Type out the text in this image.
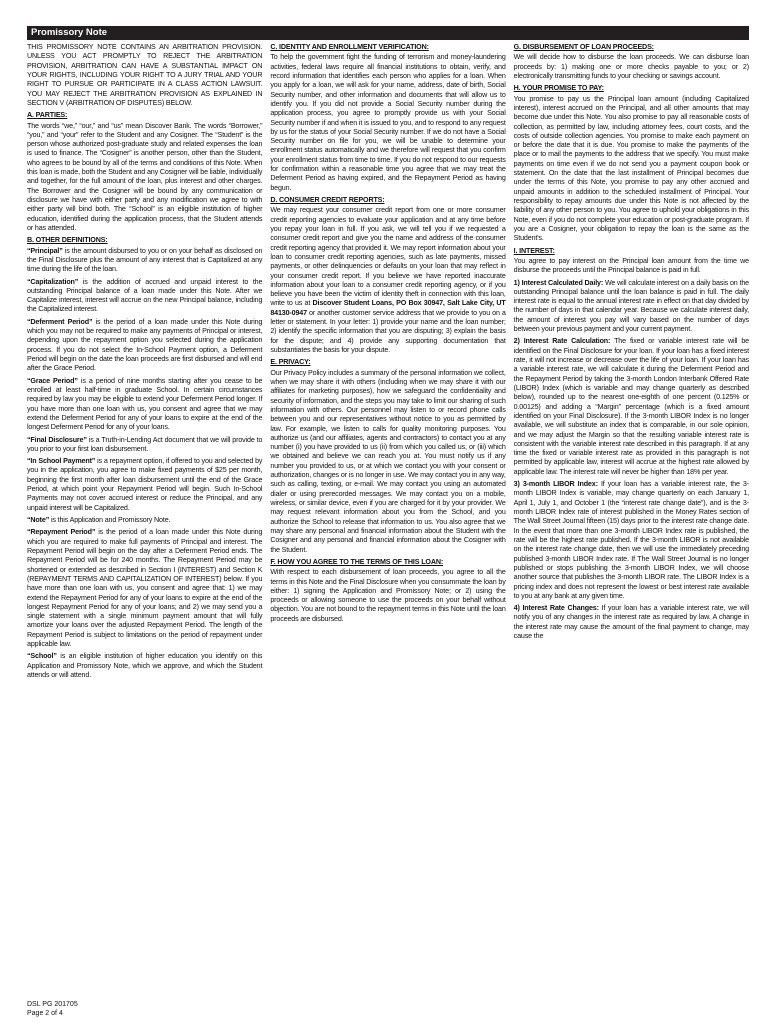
Promissory Note

THIS PROMISSORY NOTE CONTAINS AN ARBITRATION PROVISION. UNLESS YOU ACT PROMPTLY TO REJECT THE ARBITRATION PROVISION, ARBITRATION CAN HAVE A SUBSTANTIAL IMPACT ON YOUR RIGHTS, INCLUDING YOUR RIGHT TO A JURY TRIAL AND YOUR RIGHT TO PURSUE OR PARTICIPATE IN A CLASS ACTION LAWSUIT. YOU MAY REJECT THE ARBITRATION PROVISION AS EXPLAINED IN SECTION V (ARBITRATION OF DISPUTES) BELOW.

A. PARTIES:

The words “we,” “our,” and “us” mean Discover Bank. The words “Borrower,” “you,” and “your” refer to the Student and any Cosigner. The “Student” is the person whose authorized post-graduate study and related expenses the loan is used to finance. The “Cosigner” is another person, other than the Student, who agrees to be bound by all of the terms and conditions of this Note. When this loan is made, both the Student and any Cosigner will be liable, individually and together, for the full amount of the loan, plus interest and other charges. The Borrower and the Cosigner will be bound by any communication or disclosure we have with either party and any modification we agree to with either party will bind both. The “School” is an eligible institution of higher education, identified during the application process, that the Student attends or has attended.

B. OTHER DEFINITIONS:

“Principal” is the amount disbursed to you or on your behalf as disclosed on the Final Disclosure plus the amount of any interest that is Capitalized at any time during the life of the loan.

“Capitalization” is the addition of accrued and unpaid interest to the outstanding Principal balance of a loan made under this Note. After we Capitalize interest, interest will accrue on the new Principal balance, including the Capitalized interest.

“Deferment Period” is the period of a loan made under this Note during which you may not be required to make any payments of Principal or interest, depending upon the repayment option you selected during the application process. If you do not select the In-School Payment option, a Deferment Period will begin on the date the loan proceeds are first disbursed and will end after the Grace Period.

“Grace Period” is a period of nine months starting after you cease to be enrolled at least half-time in graduate School. In certain circumstances required by law you may be eligible to extend your Deferment Period longer. If you have more than one loan with us, you consent and agree that we may extend the Deferment Period for any of your loans to expire at the end of the longest Deferment Period for any of your loans.

“Final Disclosure” is a Truth-in-Lending Act document that we will provide to you prior to your first loan disbursement.

“In School Payment” is a repayment option, if offered to you and selected by you in the application, you agree to make fixed payments of $25 per month, beginning the first month after loan disbursement until the end of the Grace Period, at which point your Repayment Period will begin. Such In-School Payments may not cover accrued interest or reduce the Principal, and any unpaid interest will be Capitalized.

“Note” is this Application and Promissory Note.

“Repayment Period” is the period of a loan made under this Note during which you are required to make full payments of Principal and interest. The Repayment Period will begin on the day after a Deferment Period ends. The Repayment Period will be for 240 months. The Repayment Period may be shortened or extended as described in Section I (INTEREST) and Section K (REPAYMENT TERMS AND CAPITALIZATION OF INTEREST) below. If you have more than one loan with us, you consent and agree that: 1) we may extend the Repayment Period for any of your loans to expire at the end of the longest Repayment Period for any of your loans; and 2) we may send you a single statement with a single minimum payment amount that will fully amortize your loans over the adjusted Repayment Period. The length of the Repayment Period is subject to limitations on the period of repayment under applicable law.

“School” is an eligible institution of higher education you identify on this Application and Promissory Note, which we approve, and which the Student attends or will attend.

C. IDENTITY AND ENROLLMENT VERIFICATION:

To help the government fight the funding of terrorism and money-laundering activities, federal laws require all financial institutions to obtain, verify, and record information that identifies each person who applies for a loan. When you apply for a loan, we will ask for your name, address, date of birth, Social Security number, and other information and documents that will allow us to identify you. If you did not provide a Social Security number during the application process, you agree to promptly provide us with your Social Security number if and when it is issued to you, and to respond to any request by us for the status of your Social Security number. If we do not have a Social Security number on file for you, we will be unable to determine your enrollment status automatically and we therefore will request that you confirm your enrollment status from time to time. If you do not respond to our requests for confirmation within a reasonable time you agree that we may treat the Deferment Period as having expired, and the Repayment Period as having begun.

D. CONSUMER CREDIT REPORTS:

We may request your consumer credit report from one or more consumer credit reporting agencies to evaluate your application and at any time before you repay your loan in full. If you ask, we will tell you if we requested a consumer credit report and give you the name and address of the consumer credit reporting agency that provided it. We may report information about your loan to consumer credit reporting agencies, such as late payments, missed payments, or other delinquencies or defaults on your loan that may reflect in your consumer credit report. If you believe we have reported inaccurate information about your loan to a consumer credit reporting agency, or if you believe you have been the victim of identity theft in connection with this loan, write to us at Discover Student Loans, PO Box 30947, Salt Lake City, UT 84130-0947 or another customer service address that we provide to you on a letter or statement. In your letter: 1) provide your name and the loan number; 2) identify the specific information that you are disputing; 3) explain the basis for the dispute; and 4) provide any supporting documentation that substantiates the basis for your dispute.

E. PRIVACY:

Our Privacy Policy includes a summary of the personal information we collect, when we may share it with others (including when we may share it with our affiliates for marketing purposes), how we safeguard the confidentiality and security of information, and the steps you may take to limit our sharing of such information with others. Our personnel may listen to or record phone calls between you and our representatives without notice to you as permitted by law. For example, we listen to calls for quality monitoring purposes. You authorize us (and our affiliates, agents and contractors) to contact you at any number (i) you have provided to us (ii) from which you called us, or (iii) which we obtained and believe we can reach you at. You must notify us if any number you provided to us, or at which we contact you with your consent or authorization, changes or is no longer in use. We may contact you in any way, such as calling, texting, or e-mail. We may contact you using an automated dialer or using prerecorded messages. We may contact you on a mobile, wireless, or similar device, even if you are charged for it by your provider. We may request relevant information about you from the School, and you authorize the School to release that information to us. You also agree that we may share any personal and financial information about the Student with the Cosigner and any personal and financial information about the Cosigner with the Student.

F. HOW YOU AGREE TO THE TERMS OF THIS LOAN:

With respect to each disbursement of loan proceeds, you agree to all the terms in this Note and the Final Disclosure when you consummate the loan by either: 1) signing the Application and Promissory Note; or 2) using the proceeds or allowing someone to use the proceeds on your behalf without objection. You are not bound to the repayment terms in this Note until the loan proceeds are disbursed.

G. DISBURSEMENT OF LOAN PROCEEDS:

We will decide how to disburse the loan proceeds. We can disburse loan proceeds by: 1) making one or more checks payable to you; or 2) electronically transmitting funds to your checking or savings account.

H. YOUR PROMISE TO PAY:

You promise to pay us the Principal loan amount (including Capitalized interest), interest accrued on the Principal, and all other amounts that may become due under this Note. You also promise to pay all reasonable costs of collection, as permitted by law, including attorney fees, court costs, and the costs of outside collection agencies. You promise to make each payment on or before the date that it is due. You promise to make the payments of the place or to mail the payments to the address that we specify. You must make payments on time even if we do not send you a payment coupon book or statement. On the date that the last installment of Principal becomes due under the terms of this Note, you promise to pay any other accrued and unpaid amounts in addition to the scheduled installment of Principal. Your responsibility to repay amounts due under this Note is not affected by the liability of any other person to you. You agree to uphold your obligations in this Note, even if you do not complete your education or post-graduate program. If you are a Cosigner, your obligation to repay the loan is the same as the Student's.

I. INTEREST:

You agree to pay interest on the Principal loan amount from the time we disburse the proceeds until the Principal balance is paid in full.

1) Interest Calculated Daily: We will calculate interest on a daily basis on the outstanding Principal balance until the loan balance is paid in full. The daily interest rate is equal to the annual interest rate in effect on that day divided by the number of days in that calendar year. Because we calculate interest daily, the amount of interest you pay will vary based on the number of days between your previous payment and your current payment.

2) Interest Rate Calculation: The fixed or variable interest rate will be identified on the Final Disclosure for your loan. If your loan has a fixed interest rate, it will not increase or decrease over the life of your loan. If your loan has a variable interest rate, we will calculate it during the Deferment Period and the Repayment Period by taking the 3-month London Interbank Offered Rate (LIBOR) Index (which is variable and may change quarterly as described below), rounded up to the nearest one-eighth of one percent (0.125% or 0.00125) and adding a “Margin” percentage (which is a fixed amount identified on your Final Disclosure). If the 3-month LIBOR Index is no longer available, we will substitute an index that is comparable, in our sole opinion, and we may adjust the Margin so that the resulting variable interest rate is consistent with the variable interest rate described in this paragraph. If at any time the fixed or variable interest rate as provided in this paragraph is not permitted by applicable law, interest will accrue at the highest rate allowed by applicable law. The interest rate will never be higher than 18% per year.

3) 3-month LIBOR Index: If your loan has a variable interest rate, the 3-month LIBOR Index is variable, may change quarterly on each January 1, April 1, July 1, and October 1 (the “interest rate change date”), and is the 3-month LIBOR Index rate of interest published in the Money Rates section of The Wall Street Journal fifteen (15) days prior to the interest rate change date. In the event that more than one 3-month LIBOR Index rate is published, the rate will be the highest rate published. If the 3-month LIBOR is not available on the interest rate change date, then we will use the immediately preceding published 3-month LIBOR Index rate. If The Wall Street Journal is no longer published or stops publishing the 3-month LIBOR Index, we will choose another source that publishes the 3-month LIBOR rate. The LIBOR Index is a pricing index and does not represent the lowest or best interest rate available to you at any bank at any given time.

4) Interest Rate Changes: If your loan has a variable interest rate, we will notify you of any changes in the interest rate as required by law. A change in the interest rate may cause the amount of the final payment to change, may cause the

DSL PG 201705
Page 2 of 4
